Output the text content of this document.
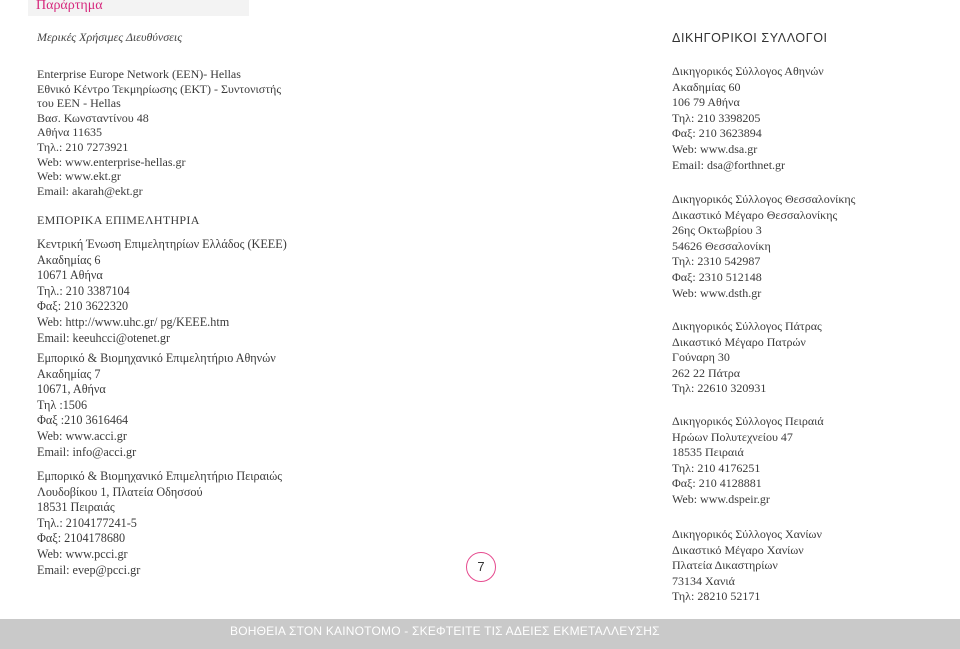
Παράρτημα
Μερικές Χρήσιμες Διευθύνσεις
Enterprise Europe Network (EEN)- Hellas
Εθνικό Κέντρο Τεκμηρίωσης (ΕΚΤ) - Συντονιστής
του EEN - Hellas
Βασ. Κωνσταντίνου 48
Αθήνα 11635
Τηλ.: 210 7273921
Web: www.enterprise-hellas.gr
Web: www.ekt.gr
Email: akarah@ekt.gr
ΕΜΠΟΡΙΚΑ ΕΠΙΜΕΛΗΤΗΡΙΑ
Κεντρική Ένωση Επιμελητηρίων Ελλάδος (ΚΕΕΕ)
Ακαδημίας 6
10671 Αθήνα
Τηλ.: 210 3387104
Φαξ: 210 3622320
Web: http://www.uhc.gr/ pg/KEEE.htm
Email: keeuhcci@otenet.gr
Εμπορικό & Βιομηχανικό Επιμελητήριο Αθηνών
Ακαδημίας 7
10671, Αθήνα
Τηλ :1506
Φαξ :210 3616464
Web: www.acci.gr
Email: info@acci.gr
Εμπορικό & Βιομηχανικό Επιμελητήριο Πειραιώς
Λουδοβίκου 1, Πλατεία Οδησσού
18531 Πειραιάς
Τηλ.: 2104177241-5
Φαξ: 2104178680
Web: www.pcci.gr
Email: evep@pcci.gr	7
ΔΙΚΗΓΟΡΙΚΟΙ ΣΥΛΛΟΓΟΙ
Δικηγορικός Σύλλογος Αθηνών
Ακαδημίας 60
106 79 Αθήνα
Τηλ: 210 3398205
Φαξ: 210 3623894
Web: www.dsa.gr
Email: dsa@forthnet.gr
Δικηγορικός Σύλλογος Θεσσαλονίκης
Δικαστικό Μέγαρο Θεσσαλονίκης
26ης Οκτωβρίου 3
54626 Θεσσαλονίκη
Τηλ: 2310 542987
Φαξ: 2310 512148
Web: www.dsth.gr
Δικηγορικός Σύλλογος Πάτρας
Δικαστικό Μέγαρο Πατρών
Γούναρη 30
262 22 Πάτρα
Τηλ: 22610 320931
Δικηγορικός Σύλλογος Πειραιά
Ηρώων Πολυτεχνείου 47
18535 Πειραιά
Τηλ: 210 4176251
Φαξ: 210 4128881
Web: www.dspeir.gr
Δικηγορικός Σύλλογος Χανίων
Δικαστικό Μέγαρο Χανίων
Πλατεία Δικαστηρίων
73134 Χανιά
Τηλ: 28210 52171
ΒΟΗΘΕΙΑ ΣΤΟΝ ΚΑΙΝΟΤΟΜΟ - ΣΚΕΦΤΕΙΤΕ ΤΙΣ ΑΔΕΙΕΣ ΕΚΜΕΤΑΛΛΕΥΣΗΣ
